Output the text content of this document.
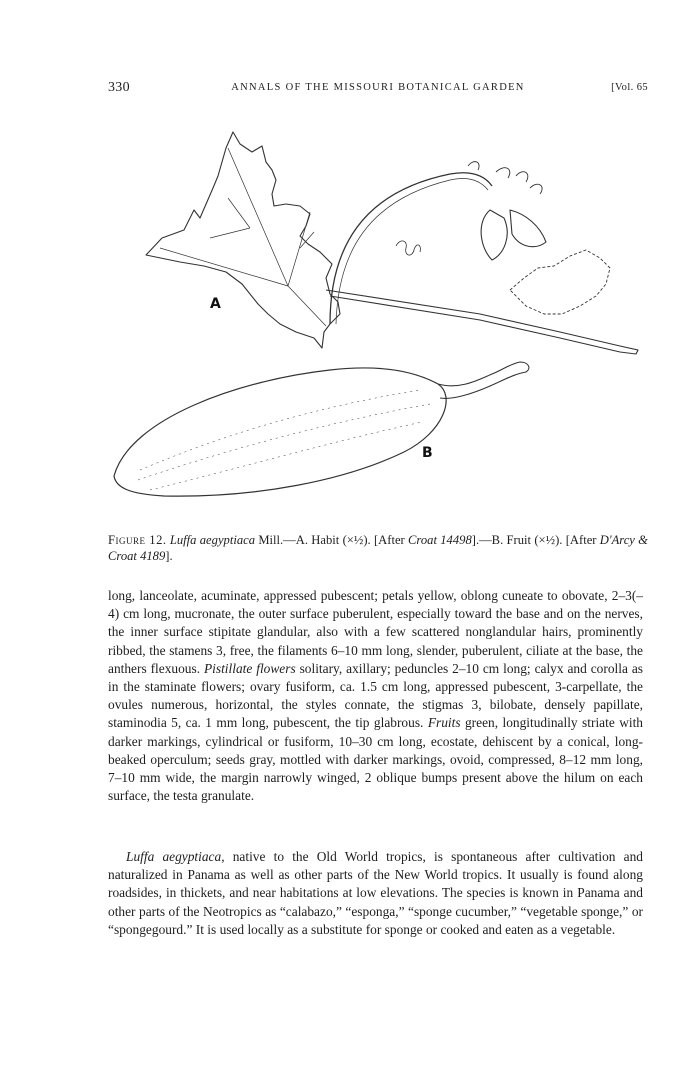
330	ANNALS OF THE MISSOURI BOTANICAL GARDEN	[Vol. 65
A
B
Figure 12. Luffa aegyptiaca Mill.—A. Habit (×½). [After Croat 14498].—B. Fruit (×½). [After D'Arcy & Croat 4189].

long, lanceolate, acuminate, appressed pubescent; petals yellow, oblong cuneate to obovate, 2–3(–4) cm long, mucronate, the outer surface puberulent, especially toward the base and on the nerves, the inner surface stipitate glandular, also with a few scattered nonglandular hairs, prominently ribbed, the stamens 3, free, the filaments 6–10 mm long, slender, puberulent, ciliate at the base, the anthers flexuous. Pistillate flowers solitary, axillary; peduncles 2–10 cm long; calyx and corolla as in the staminate flowers; ovary fusiform, ca. 1.5 cm long, appressed pubescent, 3-carpellate, the ovules numerous, horizontal, the styles connate, the stigmas 3, bilobate, densely papillate, staminodia 5, ca. 1 mm long, pubescent, the tip glabrous. Fruits green, longitudinally striate with darker markings, cylindrical or fusiform, 10–30 cm long, ecostate, dehiscent by a conical, long-beaked operculum; seeds gray, mottled with darker markings, ovoid, compressed, 8–12 mm long, 7–10 mm wide, the margin narrowly winged, 2 oblique bumps present above the hilum on each surface, the testa granulate.

Luffa aegyptiaca, native to the Old World tropics, is spontaneous after cultivation and naturalized in Panama as well as other parts of the New World tropics. It usually is found along roadsides, in thickets, and near habitations at low elevations. The species is known in Panama and other parts of the Neotropics as “calabazo,” “esponga,” “sponge cucumber,” “vegetable sponge,” or “spongegourd.” It is used locally as a substitute for sponge or cooked and eaten as a vegetable.
